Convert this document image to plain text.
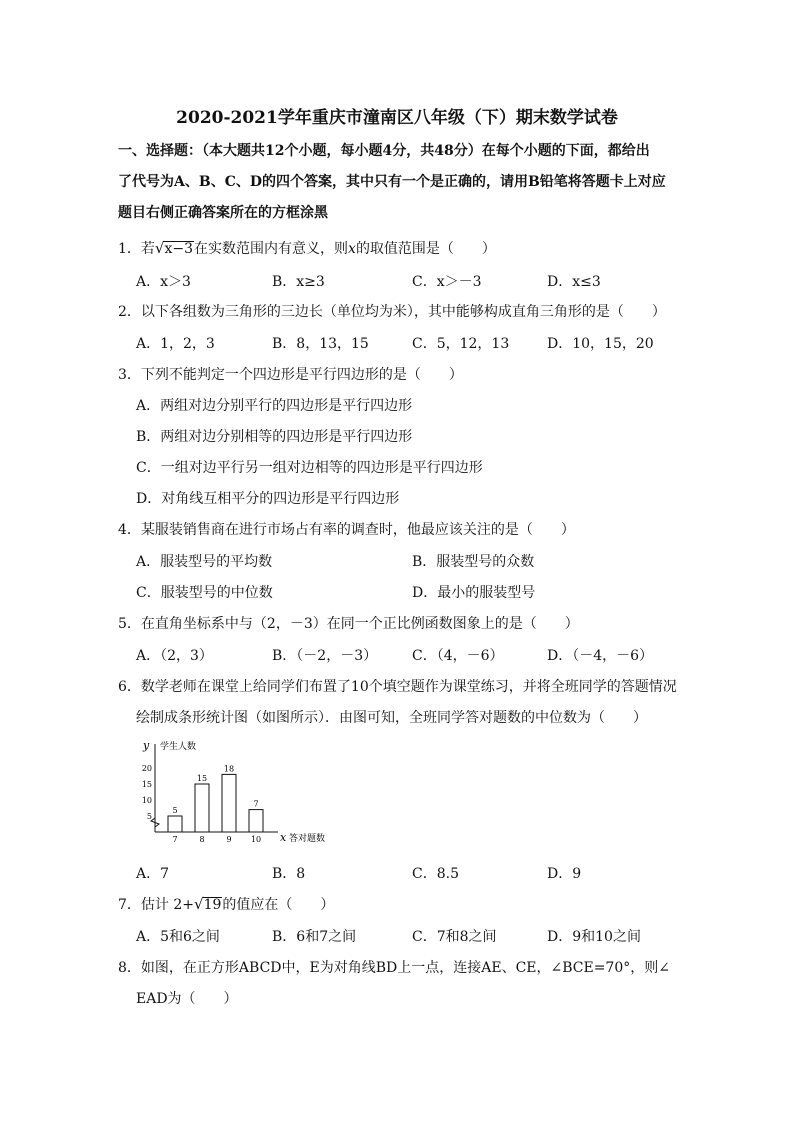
2020-2021学年重庆市潼南区八年级（下）期末数学试卷
一、选择题：（本大题共12个小题，每小题4分，共48分）在每个小题的下面，都给出
了代号为A、B、C、D的四个答案，其中只有一个是正确的，请用B铅笔将答题卡上对应
题目右侧正确答案所在的方框涂黑
1．若√x−3在实数范围内有意义，则x的取值范围是（　　）
A．x＞3	B．x≥3	C．x＞－3	D．x≤3
2．以下各组数为三角形的三边长（单位均为米），其中能够构成直角三角形的是（　　）
A．1，2，3	B．8，13，15	C．5，12，13	D．10，15，20
3．下列不能判定一个四边形是平行四边形的是（　　）
A．两组对边分别平行的四边形是平行四边形
B．两组对边分别相等的四边形是平行四边形
C．一组对边平行另一组对边相等的四边形是平行四边形
D．对角线互相平分的四边形是平行四边形
4．某服装销售商在进行市场占有率的调查时，他最应该关注的是（　　）
A．服装型号的平均数	B．服装型号的众数
C．服装型号的中位数	D．最小的服装型号
5．在直角坐标系中与（2，－3）在同一个正比例函数图象上的是（　　）
A．（2，3）	B．（－2，－3） C．（4，－6）	D．（－4，－6）
6．数学老师在课堂上给同学们布置了10个填空题作为课堂练习，并将全班同学的答题情况
绘制成条形统计图（如图所示）．由图可知，全班同学答对题数的中位数为（　　）
y 学生人数
x 答对题数
20
15
10
5
5
7
15
8
18
9
7
10
A．7	B．8	C．8.5	D．9
7．估计 2+√19的值应在（　　）
A．5和6之间	B．6和7之间	C．7和8之间	D．9和10之间
8．如图，在正方形ABCD中，E为对角线BD上一点，连接AE、CE，∠BCE=70°，则∠
EAD为（　　）
